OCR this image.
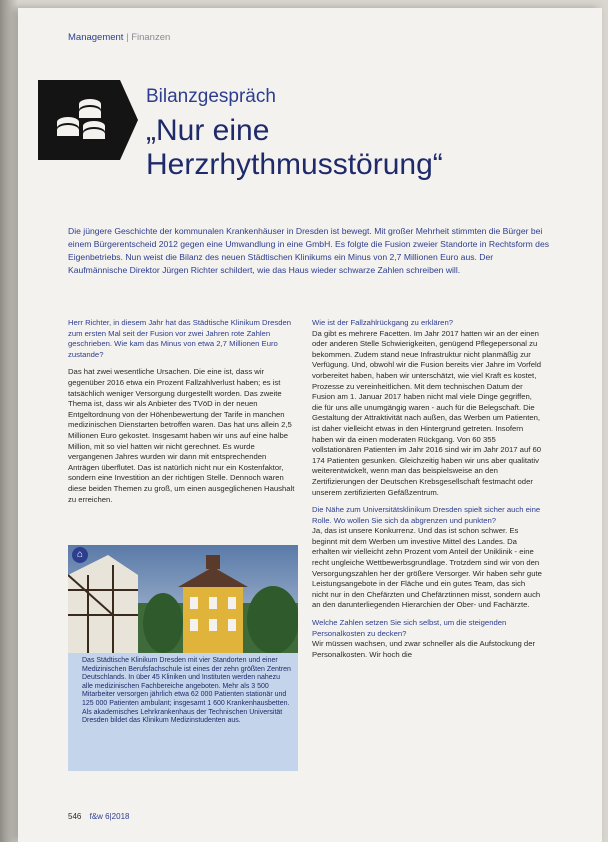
Management | Finanzen
Bilanzgespräch
„Nur eine
Herzrhythmusstörung“

Die jüngere Geschichte der kommunalen Krankenhäuser in Dresden ist bewegt. Mit großer Mehrheit stimmten die Bürger bei einem Bürgerentscheid 2012 gegen eine Umwandlung in eine GmbH. Es folgte die Fusion zweier Standorte in Rechtsform des Eigenbetriebs. Nun weist die Bilanz des neuen Städtischen Klinikums ein Minus von 2,7 Millionen Euro aus. Der Kaufmännische Direktor Jürgen Richter schildert, wie das Haus wieder schwarze Zahlen schreiben will.

Herr Richter, in diesem Jahr hat das Städtische Klinikum Dresden zum ersten Mal seit der Fusion vor zwei Jahren rote Zahlen geschrieben. Wie kam das Minus von etwa 2,7 Millionen Euro zustande?

Das hat zwei wesentliche Ursachen. Die eine ist, dass wir gegenüber 2016 etwa ein Prozent Fallzahlverlust haben; es ist tatsächlich weniger Versorgung durgestellt worden. Das zweite Thema ist, dass wir als Anbieter des TVöD in der neuen Entgeltordnung von der Höhenbewertung der Tarife in manchen medizinischen Dienstarten betroffen waren. Das hat uns allein 2,5 Millionen Euro gekostet. Insgesamt haben wir uns auf eine halbe Million, mit so viel hatten wir nicht gerechnet. Es wurde vergangenen Jahres wurden wir dann mit entsprechenden Anträgen überflutet. Das ist natürlich nicht nur ein Kostenfaktor, sondern eine Investition an der richtigen Stelle. Dennoch waren diese beiden Themen zu groß, um einen ausgeglichenen Haushalt zu erreichen.

⌂

Das Städtische Klinikum Dresden mit vier Standorten und einer Medizinischen Berufsfachschule ist eines der zehn größten Zentren Deutschlands. In über 45 Kliniken und Instituten werden nahezu alle medizinischen Fachbereiche angeboten. Mehr als 3 500 Mitarbeiter versorgen jährlich etwa 62 000 Patienten stationär und 125 000 Patienten ambulant; insgesamt 1 600 Krankenhausbetten. Als akademisches Lehrkrankenhaus der Technischen Universität Dresden bildet das Klinikum Medizinstudenten aus.

Wie ist der Fallzahlrückgang zu erklären?

Da gibt es mehrere Facetten. Im Jahr 2017 hatten wir an der einen oder anderen Stelle Schwierigkeiten, genügend Pflegepersonal zu bekommen. Zudem stand neue Infrastruktur nicht planmäßig zur Verfügung. Und, obwohl wir die Fusion bereits vier Jahre im Vorfeld vorbereitet haben, haben wir unterschätzt, wie viel Kraft es kostet, Prozesse zu vereinheitlichen. Mit dem technischen Datum der Fusion am 1. Januar 2017 haben nicht mal viele Dinge gegriffen, die für uns alle unumgängig waren - auch für die Belegschaft. Die Gestaltung der Attraktivität nach außen, das Werben um Patienten, ist daher vielleicht etwas in den Hintergrund getreten. Insofern haben wir da einen moderaten Rückgang. Von 60 355 vollstationären Patienten im Jahr 2016 sind wir im Jahr 2017 auf 60 174 Patienten gesunken. Gleichzeitig haben wir uns aber qualitativ weiterentwickelt, wenn man das beispielsweise an den Zertifizierungen der Deutschen Krebsgesellschaft festmacht oder unserem zertifizierten Gefäßzentrum.

Die Nähe zum Universitätsklinikum Dresden spielt sicher auch eine Rolle. Wo wollen Sie sich da abgrenzen und punkten?

Ja, das ist unsere Konkurrenz. Und das ist schon schwer. Es beginnt mit dem Werben um investive Mittel des Landes. Da erhalten wir vielleicht zehn Prozent vom Anteil der Uniklinik - eine recht ungleiche Wettbewerbsgrundlage. Trotzdem sind wir von den Versorgungszahlen her der größere Versorger. Wir haben sehr gute Leistungsangebote in der Fläche und ein gutes Team, das sich nicht nur in den Chefärzten und Chefärztinnen misst, sondern auch an den darunterliegenden Hierarchien der Ober- und Fachärzte.

Welche Zahlen setzen Sie sich selbst, um die steigenden Personalkosten zu decken?

Wir müssen wachsen, und zwar schneller als die Aufstockung der Personalkosten. Wir hoch die

546 f&w 6|2018
